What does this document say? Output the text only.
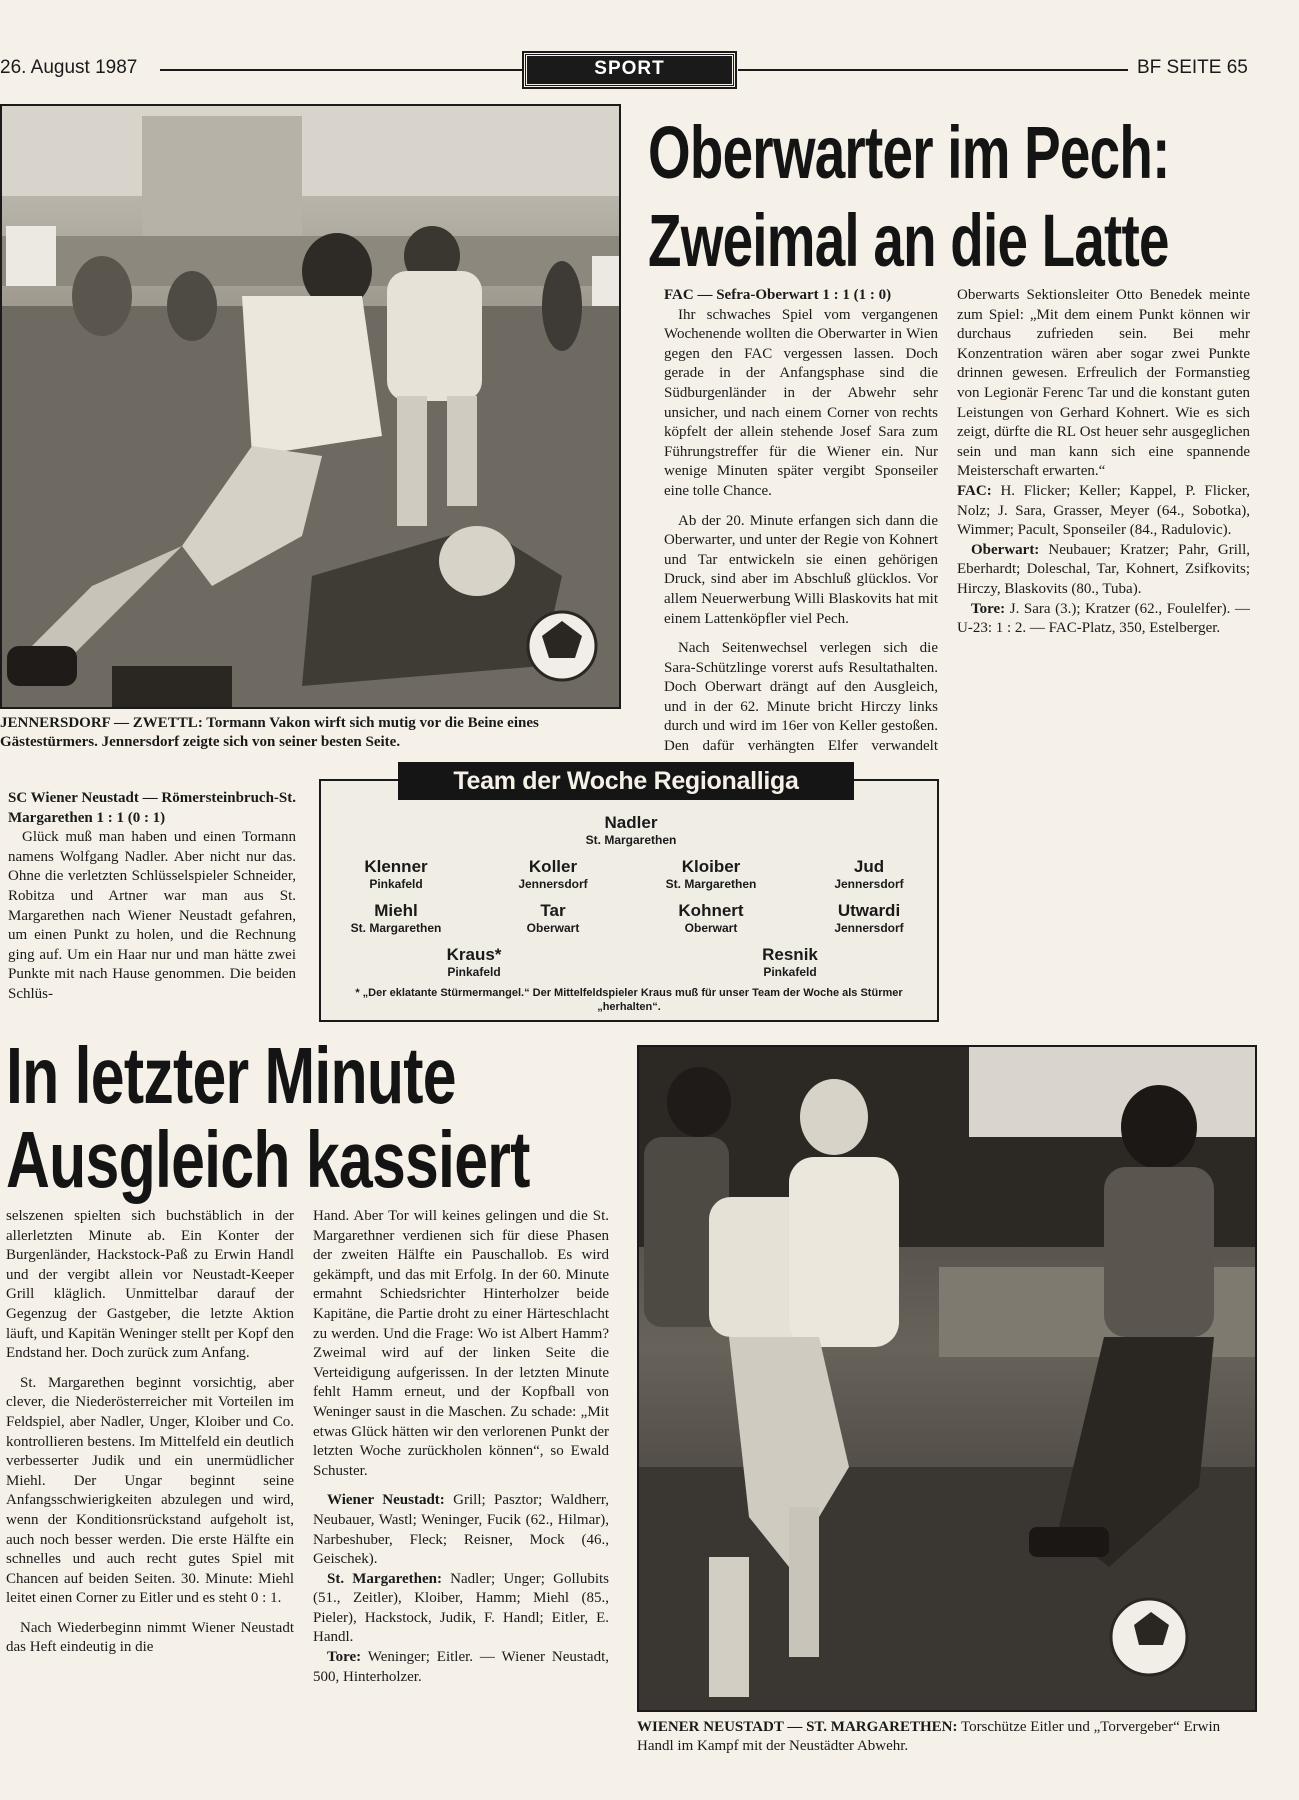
26. August 1987	SPORT	BF SEITE 65
JENNERSDORF — ZWETTL: Tormann Vakon wirft sich mutig vor die Beine eines Gästestürmers. Jennersdorf zeigte sich von seiner besten Seite.
Oberwarter im Pech:
Zweimal an die Latte

FAC — Sefra-Oberwart 1 : 1 (1 : 0)

Ihr schwaches Spiel vom vergangenen Wochenende wollten die Oberwarter in Wien gegen den FAC vergessen lassen. Doch gerade in der Anfangsphase sind die Südburgenländer in der Abwehr sehr unsicher, und nach einem Corner von rechts köpfelt der allein stehende Josef Sara zum Führungstreffer für die Wiener ein. Nur wenige Minuten später vergibt Sponseiler eine tolle Chance.

Ab der 20. Minute erfangen sich dann die Oberwarter, und unter der Regie von Kohnert und Tar entwickeln sie einen gehörigen Druck, sind aber im Abschluß glücklos. Vor allem Neuerwerbung Willi Blaskovits hat mit einem Lattenköpfler viel Pech.

Nach Seitenwechsel verlegen sich die Sara-Schützlinge vorerst aufs Resultathalten. Doch Oberwart drängt auf den Ausgleich, und in der 62. Minute bricht Hirczy links durch und wird im 16er von Keller gestoßen. Den dafür verhängten Elfer verwandelt

Oberwarts Sektionsleiter Otto Benedek meinte zum Spiel: „Mit dem einem Punkt können wir durchaus zufrieden sein. Bei mehr Konzentration wären aber sogar zwei Punkte drinnen gewesen. Erfreulich der Formanstieg von Legionär Ferenc Tar und die konstant guten Leistungen von Gerhard Kohnert. Wie es sich zeigt, dürfte die RL Ost heuer sehr ausgeglichen sein und man kann sich eine spannende Meisterschaft erwarten.“

FAC: H. Flicker; Keller; Kappel, P. Flicker, Nolz; J. Sara, Grasser, Meyer (64., Sobotka), Wimmer; Pacult, Sponseiler (84., Radulovic).

Oberwart: Neubauer; Kratzer; Pahr, Grill, Eberhardt; Doleschal, Tar, Kohnert, Zsifkovits; Hirczy, Blaskovits (80., Tuba).

Tore: J. Sara (3.); Kratzer (62., Foulelfer). — U-23: 1 : 2. — FAC-Platz, 350, Estelberger.

SC Wiener Neustadt — Römersteinbruch-St. Margarethen 1 : 1 (0 : 1)

Glück muß man haben und einen Tormann namens Wolfgang Nadler. Aber nicht nur das. Ohne die verletzten Schlüsselspieler Schneider, Robitza und Artner war man aus St. Margarethen nach Wiener Neustadt gefahren, um einen Punkt zu holen, und die Rechnung ging auf. Um ein Haar nur und man hätte zwei Punkte mit nach Hause genommen. Die beiden Schlüs-

Nadler
St. Margarethen
Klenner
Pinkafeld
Koller
Jennersdorf
Kloiber
St. Margarethen
Jud
Jennersdorf
Miehl
St. Margarethen
Tar
Oberwart
Kohnert
Oberwart
Utwardi
Jennersdorf
Kraus*
Pinkafeld
Resnik
Pinkafeld
* „Der eklatante Stürmermangel.“ Der Mittelfeldspieler Kraus muß für unser Team der Woche als Stürmer „herhalten“.
Team der Woche Regionalliga
In letzter Minute
Ausgleich kassiert

selszenen spielten sich buchstäblich in der allerletzten Minute ab. Ein Konter der Burgenländer, Hackstock-Paß zu Erwin Handl und der vergibt allein vor Neustadt-Keeper Grill kläglich. Unmittelbar darauf der Gegenzug der Gastgeber, die letzte Aktion läuft, und Kapitän Weninger stellt per Kopf den Endstand her. Doch zurück zum Anfang.

St. Margarethen beginnt vorsichtig, aber clever, die Niederösterreicher mit Vorteilen im Feldspiel, aber Nadler, Unger, Kloiber und Co. kontrollieren bestens. Im Mittelfeld ein deutlich verbesserter Judik und ein unermüdlicher Miehl. Der Ungar beginnt seine Anfangsschwierigkeiten abzulegen und wird, wenn der Konditionsrückstand aufgeholt ist, auch noch besser werden. Die erste Hälfte ein schnelles und auch recht gutes Spiel mit Chancen auf beiden Seiten. 30. Minute: Miehl leitet einen Corner zu Eitler und es steht 0 : 1.

Nach Wiederbeginn nimmt Wiener Neustadt das Heft eindeutig in die

Hand. Aber Tor will keines gelingen und die St. Margarethner verdienen sich für diese Phasen der zweiten Hälfte ein Pauschallob. Es wird gekämpft, und das mit Erfolg. In der 60. Minute ermahnt Schiedsrichter Hinterholzer beide Kapitäne, die Partie droht zu einer Härteschlacht zu werden. Und die Frage: Wo ist Albert Hamm? Zweimal wird auf der linken Seite die Verteidigung aufgerissen. In der letzten Minute fehlt Hamm erneut, und der Kopfball von Weninger saust in die Maschen. Zu schade: „Mit etwas Glück hätten wir den verlorenen Punkt der letzten Woche zurückholen können“, so Ewald Schuster.

Wiener Neustadt: Grill; Pasztor; Waldherr, Neubauer, Wastl; Weninger, Fucik (62., Hilmar), Narbeshuber, Fleck; Reisner, Mock (46., Geischek).

St. Margarethen: Nadler; Unger; Gollubits (51., Zeitler), Kloiber, Hamm; Miehl (85., Pieler), Hackstock, Judik, F. Handl; Eitler, E. Handl.

Tore: Weninger; Eitler. — Wiener Neustadt, 500, Hinterholzer.

WIENER NEUSTADT — ST. MARGARETHEN: Torschütze Eitler und „Torvergeber“ Erwin Handl im Kampf mit der Neustädter Abwehr.
